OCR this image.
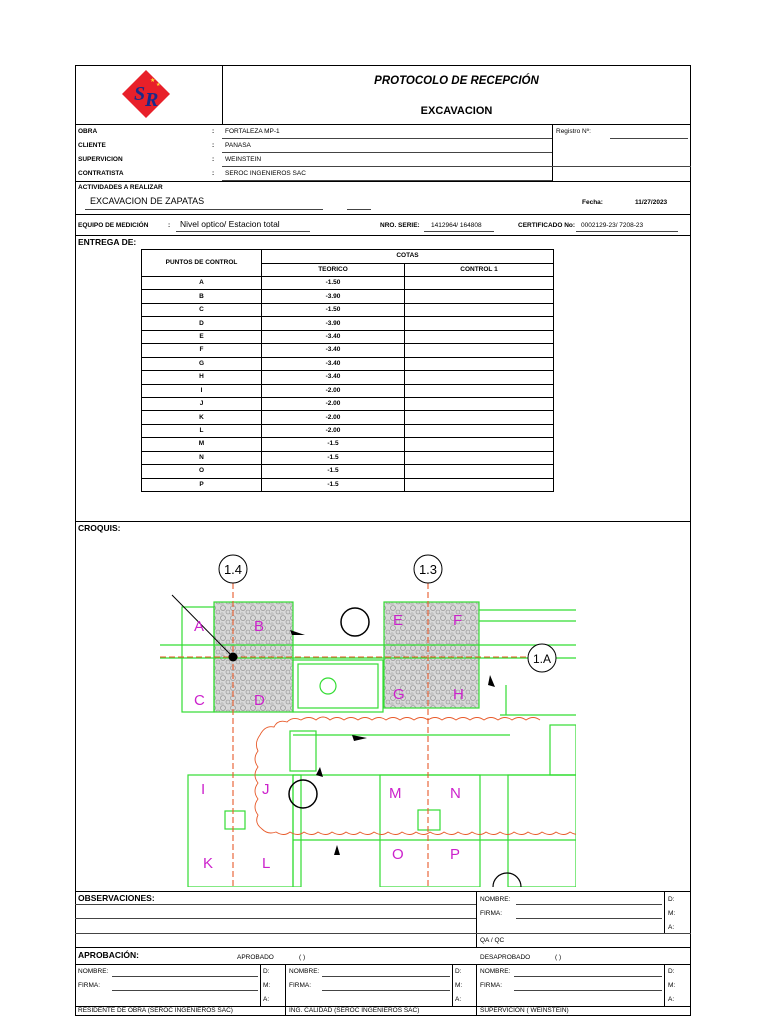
S R
★
★	PROTOCOLO DE RECEPCIÓN
EXCAVACION
OBRA	: FORTALEZA MP-1
CLIENTE	: PANASA
SUPERVICION	: WEINSTEIN
CONTRATISTA	: SEROC INGENIEROS SAC
Registro Nº:
ACTIVIDADES A REALIZAR
EXCAVACION DE ZAPATAS	Fecha:	11/27/2023
EQUIPO DE MEDICIÓN	: Nivel optico/ Estacion total	NRO. SERIE: 1412964/ 164808	CERTIFICADO No: 0002129-23/ 7208-23
ENTREGA DE:
PUNTOS DE CONTROL	COTAS	
	TEORICO	CONTROL 1
A	-1.50	
B	-3.90	
C	-1.50	
D	-3.90	
E	-3.40	
F	-3.40	
G	-3.40	
H	-3.40	
I	-2.00	
J	-2.00	
K	-2.00	
L	-2.00	
M	-1.5	
N	-1.5	
O	-1.5	
P	-1.5	
CROQUIS:
1.4	1.3
1.A
A	B
C	D
E	F
G	H
I	J
K	L
M	N
O	P
OBSERVACIONES:	NOMBRE:
FIRMA:
D:
M:
A:
QA / QC
APROBACIÓN:	APROBADO	( )	DESAPROBADO	( )
NOMBRE:
FIRMA:
D:
M:
A:
NOMBRE:
FIRMA:
D:
M:
A:
NOMBRE:
FIRMA:
D:
M:
A:
RESIDENTE DE OBRA (SEROC INGENIEROS SAC)	ING. CALIDAD (SEROC INGENIEROS SAC)	SUPERVICION ( WEINSTEIN)
